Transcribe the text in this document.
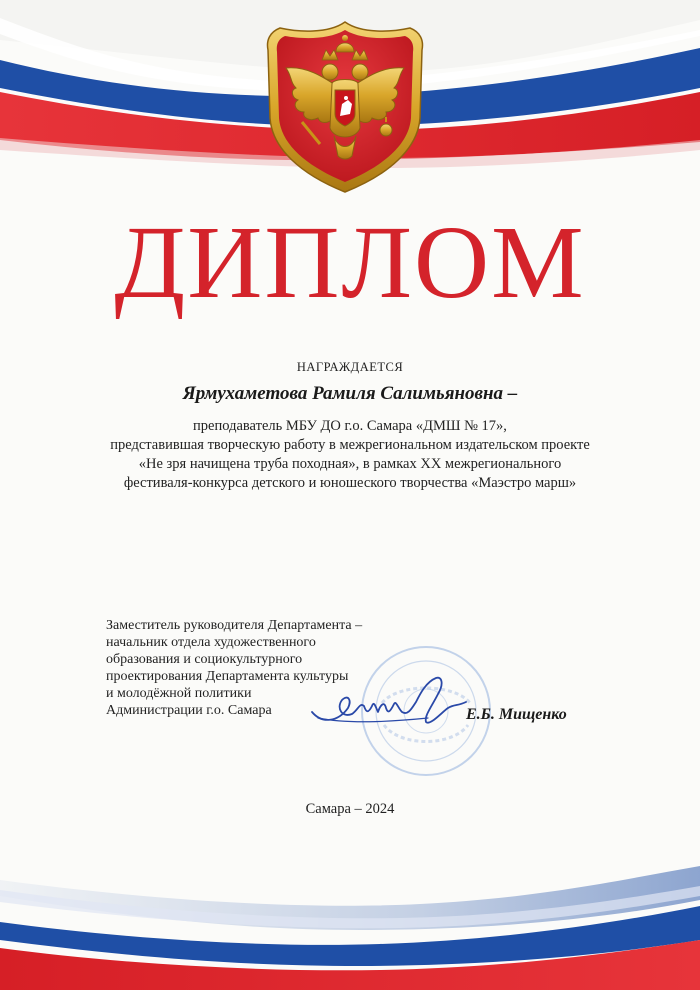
ДИПЛОМ
НАГРАЖДАЕТСЯ
Ярмухаметова Рамиля Салимьяновна –
преподаватель МБУ ДО г.о. Самара «ДМШ № 17»,
представившая творческую работу в межрегиональном издательском проекте
«Не зря начищена труба походная», в рамках XX межрегионального
фестиваля-конкурса детского и юношеского творчества «Маэстро марш»
Заместитель руководителя Департамента –
начальник отдела художественного
образования и социокультурного
проектирования Департамента культуры
и молодёжной политики
Администрации г.о. Самара	Е.Б. Мищенко
Самара – 2024
